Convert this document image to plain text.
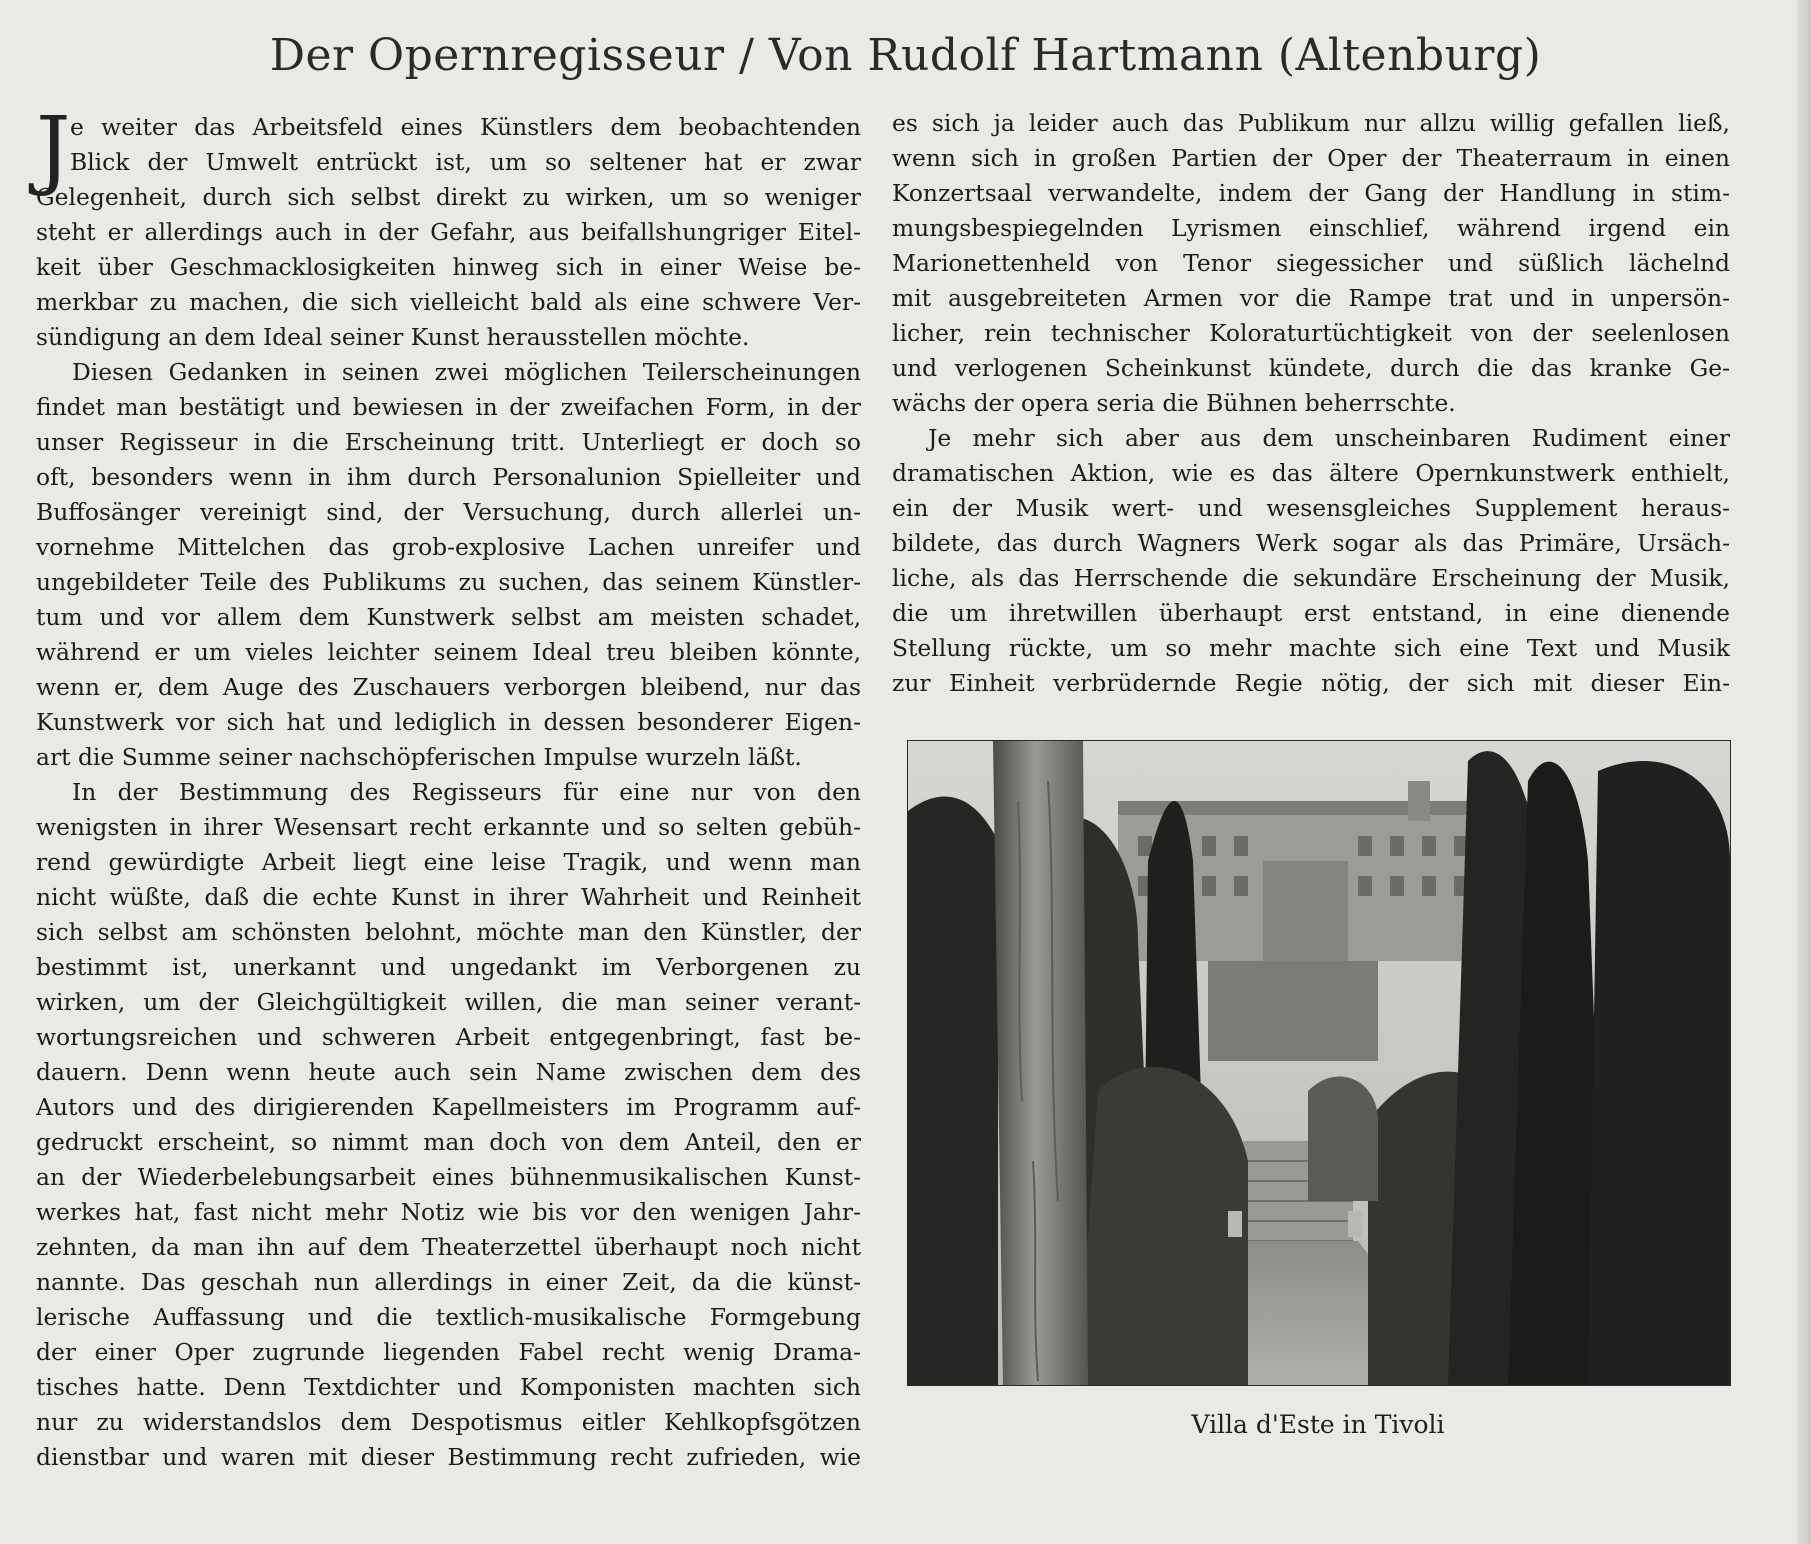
Der Opernregisseur / Von Rudolf Hartmann (Altenburg)
J e weiter das Arbeitsfeld eines Künstlers dem beobachtenden
Blick der Umwelt entrückt ist, um so seltener hat er zwar
Gelegenheit, durch sich selbst direkt zu wirken, um so weniger
steht er allerdings auch in der Gefahr, aus beifallshungriger Eitel-
keit über Geschmacklosigkeiten hinweg sich in einer Weise be-
merkbar zu machen, die sich vielleicht bald als eine schwere Ver-
sündigung an dem Ideal seiner Kunst herausstellen möchte.
Diesen Gedanken in seinen zwei möglichen Teilerscheinungen
findet man bestätigt und bewiesen in der zweifachen Form, in der
unser Regisseur in die Erscheinung tritt. Unterliegt er doch so
oft, besonders wenn in ihm durch Personalunion Spielleiter und
Buffosänger vereinigt sind, der Versuchung, durch allerlei un-
vornehme Mittelchen das grob-explosive Lachen unreifer und
ungebildeter Teile des Publikums zu suchen, das seinem Künstler-
tum und vor allem dem Kunstwerk selbst am meisten schadet,
während er um vieles leichter seinem Ideal treu bleiben könnte,
wenn er, dem Auge des Zuschauers verborgen bleibend, nur das
Kunstwerk vor sich hat und lediglich in dessen besonderer Eigen-
art die Summe seiner nachschöpferischen Impulse wurzeln läßt.
In der Bestimmung des Regisseurs für eine nur von den
wenigsten in ihrer Wesensart recht erkannte und so selten gebüh-
rend gewürdigte Arbeit liegt eine leise Tragik, und wenn man
nicht wüßte, daß die echte Kunst in ihrer Wahrheit und Reinheit
sich selbst am schönsten belohnt, möchte man den Künstler, der
bestimmt ist, unerkannt und ungedankt im Verborgenen zu
wirken, um der Gleichgültigkeit willen, die man seiner verant-
wortungsreichen und schweren Arbeit entgegenbringt, fast be-
dauern. Denn wenn heute auch sein Name zwischen dem des
Autors und des dirigierenden Kapellmeisters im Programm auf-
gedruckt erscheint, so nimmt man doch von dem Anteil, den er
an der Wiederbelebungsarbeit eines bühnenmusikalischen Kunst-
werkes hat, fast nicht mehr Notiz wie bis vor den wenigen Jahr-
zehnten, da man ihn auf dem Theaterzettel überhaupt noch nicht
nannte. Das geschah nun allerdings in einer Zeit, da die künst-
lerische Auffassung und die textlich-musikalische Formgebung
der einer Oper zugrunde liegenden Fabel recht wenig Drama-
tisches hatte. Denn Textdichter und Komponisten machten sich
nur zu widerstandslos dem Despotismus eitler Kehlkopfsgötzen
dienstbar und waren mit dieser Bestimmung recht zufrieden, wie
es sich ja leider auch das Publikum nur allzu willig gefallen ließ,
wenn sich in großen Partien der Oper der Theaterraum in einen
Konzertsaal verwandelte, indem der Gang der Handlung in stim-
mungsbespiegelnden Lyrismen einschlief, während irgend ein
Marionettenheld von Tenor siegessicher und süßlich lächelnd
mit ausgebreiteten Armen vor die Rampe trat und in unpersön-
licher, rein technischer Koloraturtüchtigkeit von der seelenlosen
und verlogenen Scheinkunst kündete, durch die das kranke Ge-
wächs der opera seria die Bühnen beherrschte.
Je mehr sich aber aus dem unscheinbaren Rudiment einer
dramatischen Aktion, wie es das ältere Opernkunstwerk enthielt,
ein der Musik wert- und wesensgleiches Supplement heraus-
bildete, das durch Wagners Werk sogar als das Primäre, Ursäch-
liche, als das Herrschende die sekundäre Erscheinung der Musik,
die um ihretwillen überhaupt erst entstand, in eine dienende
Stellung rückte, um so mehr machte sich eine Text und Musik
zur Einheit verbrüdernde Regie nötig, der sich mit dieser Ein-
Villa d'Este in Tivoli
